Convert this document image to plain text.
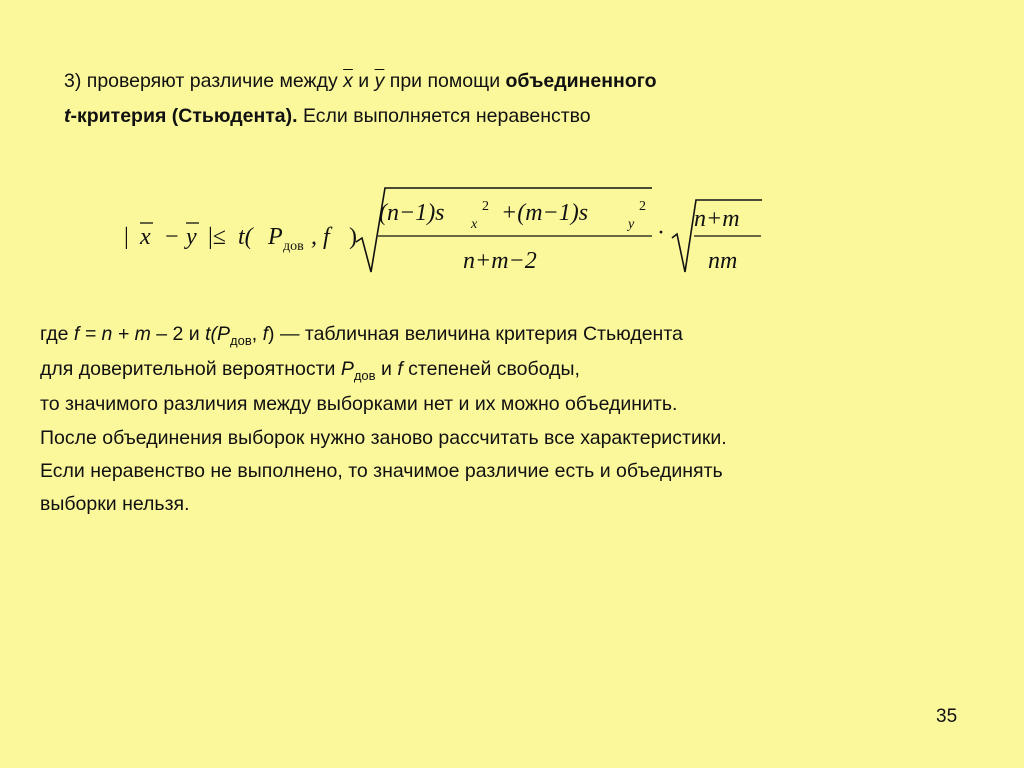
3) проверяют различие между $\overline{x}$ и $\overline{y}$ при помощи объединенного
t-критерия (Стьюдента). Если выполняется неравенство
| x − y |≤ t( P дов , f )
(n−1)s x
2 +(m−1)s	y
2
n+m−2
·
n+m
nm
где f = n + m – 2 и $t(P_{дов}$, f) — табличная величина критерия Стьюдента
для доверительной вероятности $P_{дов}$ и f степеней свободы,
то значимого различия между выборками нет и их можно объединить.
После объединения выборок нужно заново рассчитать все характеристики.
Если неравенство не выполнено, то значимое различие есть и объединять
выборки нельзя.
35
